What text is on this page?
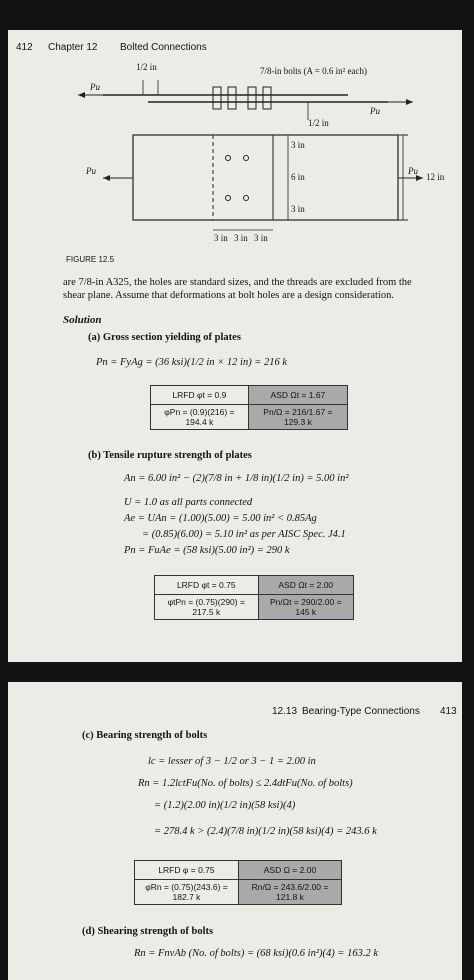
412 Chapter 12 Bolted Connections
1/2 in	7/8-in bolts (A = 0.6 in² each)
1/2 in
Pu
Pu
3 in
6 in
3 in
12 in
Pu	Pu
3 in 3 in 3 in
FIGURE 12.5
are 7/8-in A325, the holes are standard sizes, and the threads are excluded from the
shear plane. Assume that deformations at bolt holes are a design consideration.
Solution
(a) Gross section yielding of plates
Pn = FyAg = (36 ksi)(1/2 in × 12 in) = 216 k
LRFD φt = 0.9	ASD Ωt = 1.67
φPn = (0.9)(216) = 194.4 k	Pn/Ω = 216/1.67 = 129.3 k
(b) Tensile rupture strength of plates
An = 6.00 in² − (2)(7/8 in + 1/8 in)(1/2 in) = 5.00 in²
U = 1.0 as all parts connected
Ae = UAn = (1.00)(5.00) = 5.00 in² < 0.85Ag
= (0.85)(6.00) = 5.10 in² as per AISC Spec. J4.1
Pn = FuAe = (58 ksi)(5.00 in²) = 290 k
LRFD φt = 0.75	ASD Ωt = 2.00
φtPn = (0.75)(290) = 217.5 k	Pn/Ωt = 290/2.00 = 145 k
12.13 Bearing-Type Connections 413
(c) Bearing strength of bolts
lc = lesser of 3 − 1/2 or 3 − 1 = 2.00 in
Rn = 1.2lctFu(No. of bolts) ≤ 2.4dtFu(No. of bolts)
= (1.2)(2.00 in)(1/2 in)(58 ksi)(4)
= 278.4 k > (2.4)(7/8 in)(1/2 in)(58 ksi)(4) = 243.6 k
LRFD φ = 0.75	ASD Ω = 2.00
φRn = (0.75)(243.6) = 182.7 k	Rn/Ω = 243.6/2.00 = 121.8 k
(d) Shearing strength of bolts
Rn = FnvAb (No. of bolts) = (68 ksi)(0.6 in²)(4) = 163.2 k
